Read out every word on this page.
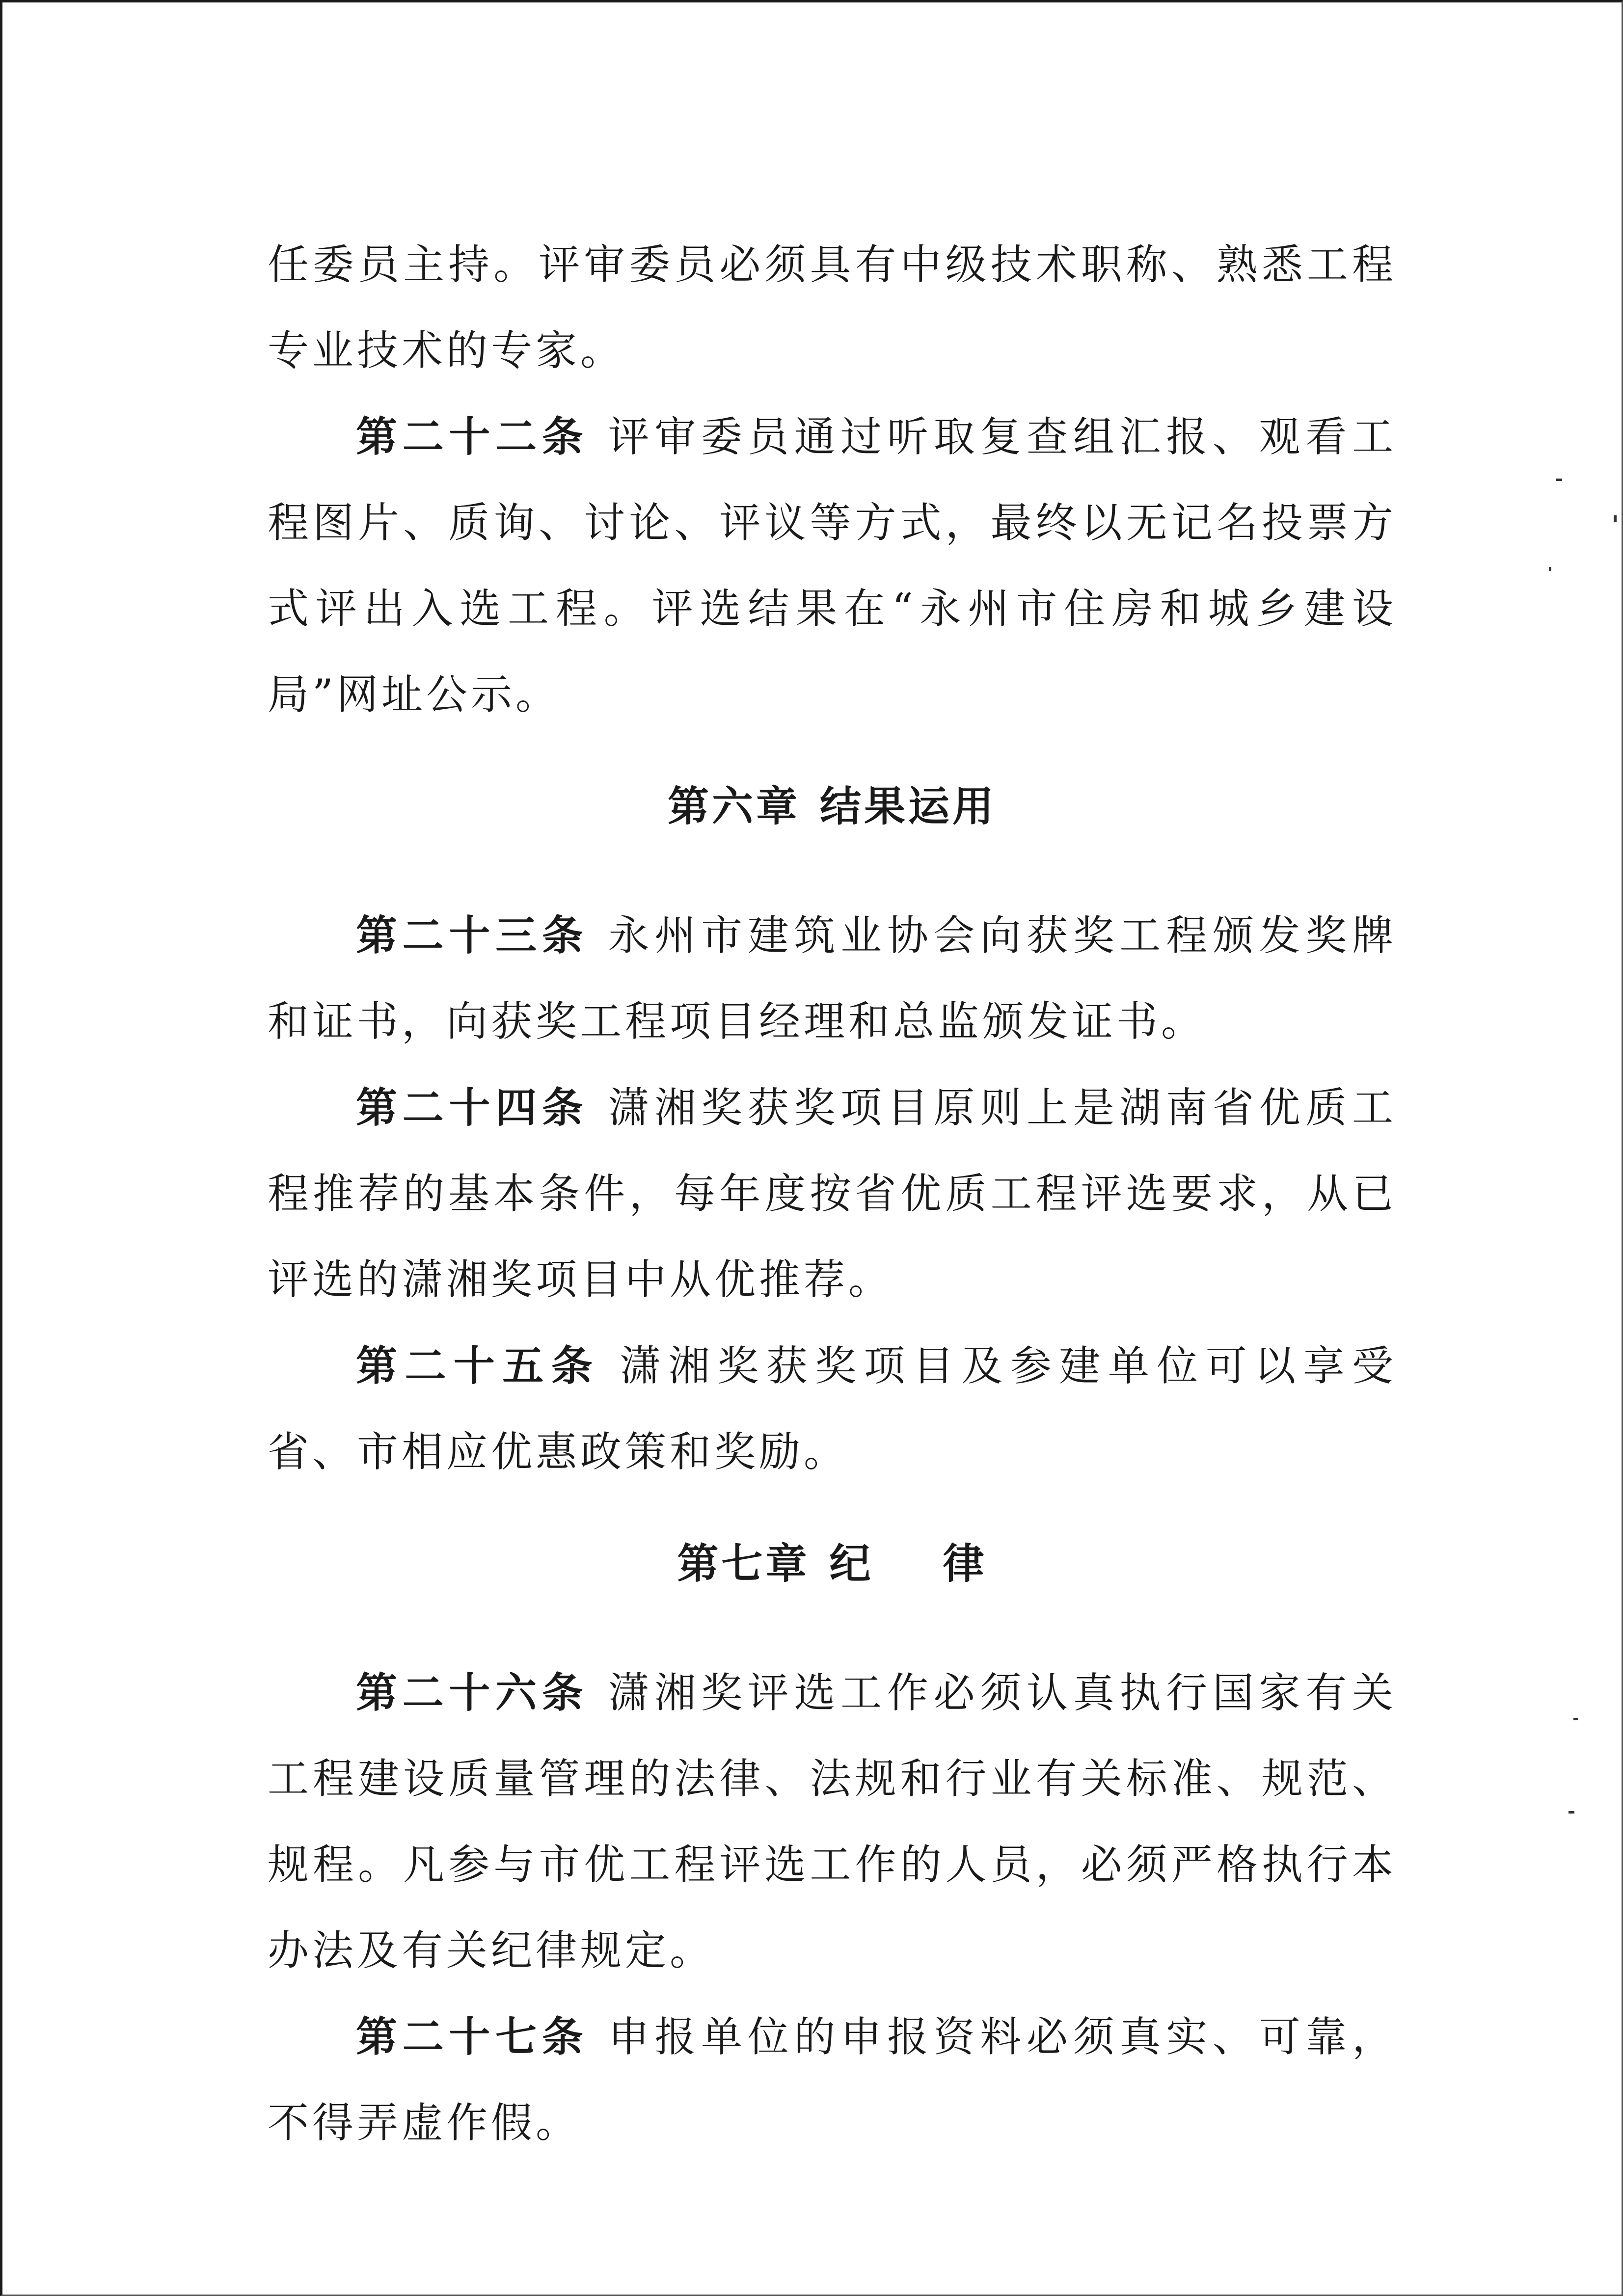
任委员主持。评审委员必须具有中级技术职称、熟悉工程专业技术的专家。

第二十二条 评审委员通过听取复查组汇报、观看工程图片、质询、讨论、评议等方式，最终以无记名投票方式评出入选工程。评选结果在“永州市住房和城乡建设局”网址公示。

第六章 结果运用

第二十三条 永州市建筑业协会向获奖工程颁发奖牌和证书，向获奖工程项目经理和总监颁发证书。

第二十四条 潇湘奖获奖项目原则上是湖南省优质工程推荐的基本条件，每年度按省优质工程评选要求，从已评选的潇湘奖项目中从优推荐。

第二十五条 潇湘奖获奖项目及参建单位可以享受省、市相应优惠政策和奖励。

第七章 纪    律

第二十六条 潇湘奖评选工作必须认真执行国家有关工程建设质量管理的法律、法规和行业有关标准、规范、规程。凡参与市优工程评选工作的人员，必须严格执行本办法及有关纪律规定。

第二十七条 申报单位的申报资料必须真实、可靠，不得弄虚作假。
